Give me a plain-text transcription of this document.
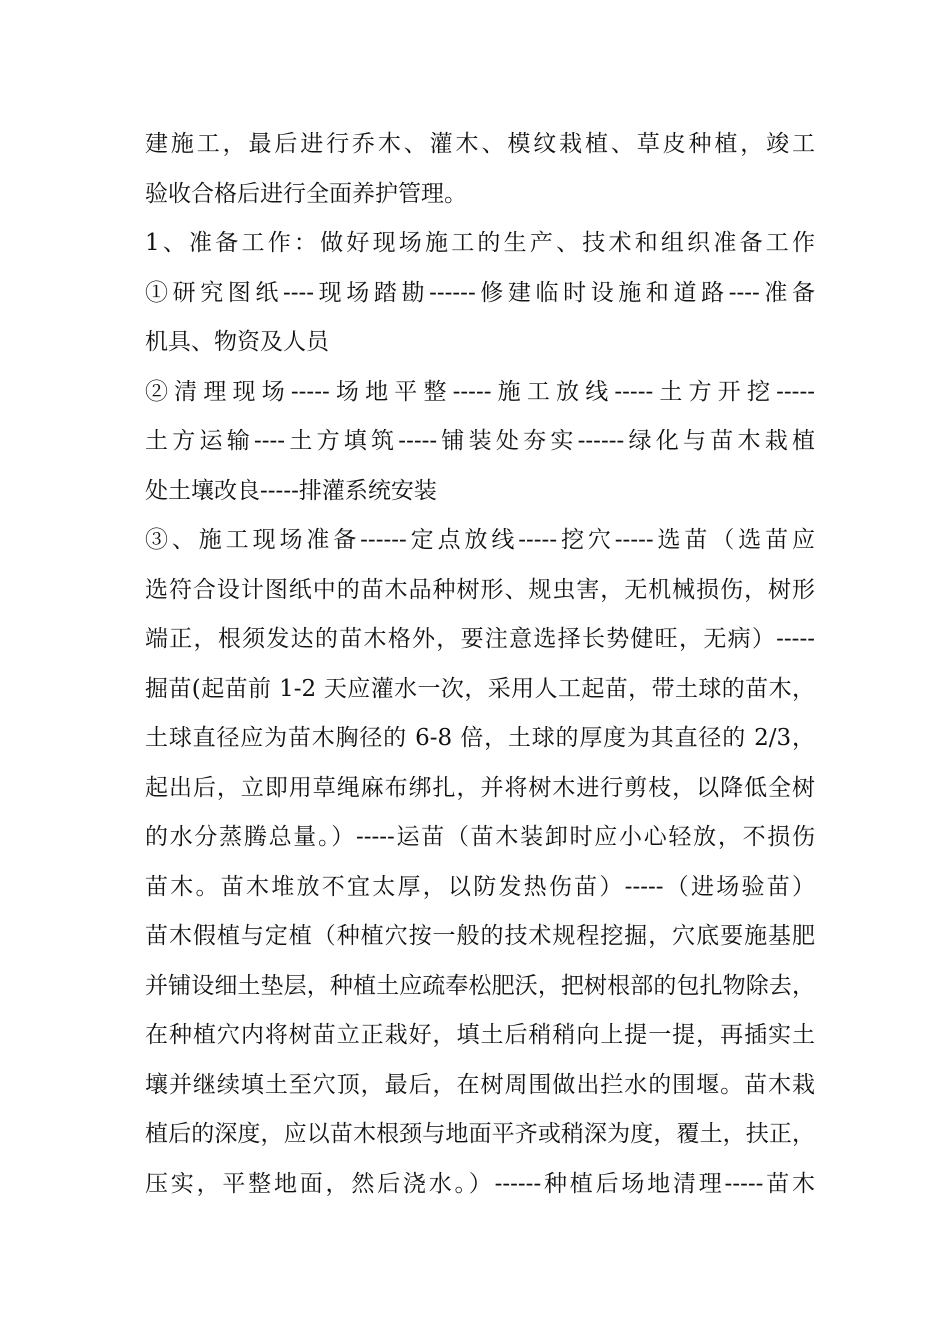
建施工，最后进行乔木、灌木、模纹栽植、草皮种植，竣工
验收合格后进行全面养护管理。
1、准备工作：做好现场施工的生产、技术和组织准备工作
①研究图纸----现场踏勘------修建临时设施和道路----准备
机具、物资及人员
②清理现场-----场地平整-----施工放线-----土方开挖-----
土方运输----土方填筑-----铺装处夯实------绿化与苗木栽植
处土壤改良-----排灌系统安装
③、施工现场准备------定点放线-----挖穴-----选苗（选苗应
选符合设计图纸中的苗木品种树形、规虫害，无机械损伤，树形
端正，根须发达的苗木格外，要注意选择长势健旺，无病）-----
掘苗(起苗前 1-2 天应灌水一次，采用人工起苗，带土球的苗木，
土球直径应为苗木胸径的 6-8 倍，土球的厚度为其直径的 2/3，
起出后，立即用草绳麻布绑扎，并将树木进行剪枝，以降低全树
的水分蒸腾总量。）-----运苗（苗木装卸时应小心轻放，不损伤
苗木。苗木堆放不宜太厚，以防发热伤苗）-----（进场验苗）
苗木假植与定植（种植穴按一般的技术规程挖掘，穴底要施基肥
并铺设细土垫层，种植土应疏奉松肥沃，把树根部的包扎物除去，
在种植穴内将树苗立正栽好，填土后稍稍向上提一提，再插实土
壤并继续填土至穴顶，最后，在树周围做出拦水的围堰。苗木栽
植后的深度，应以苗木根颈与地面平齐或稍深为度，覆土，扶正，
压实，平整地面，然后浇水。）------种植后场地清理-----苗木
